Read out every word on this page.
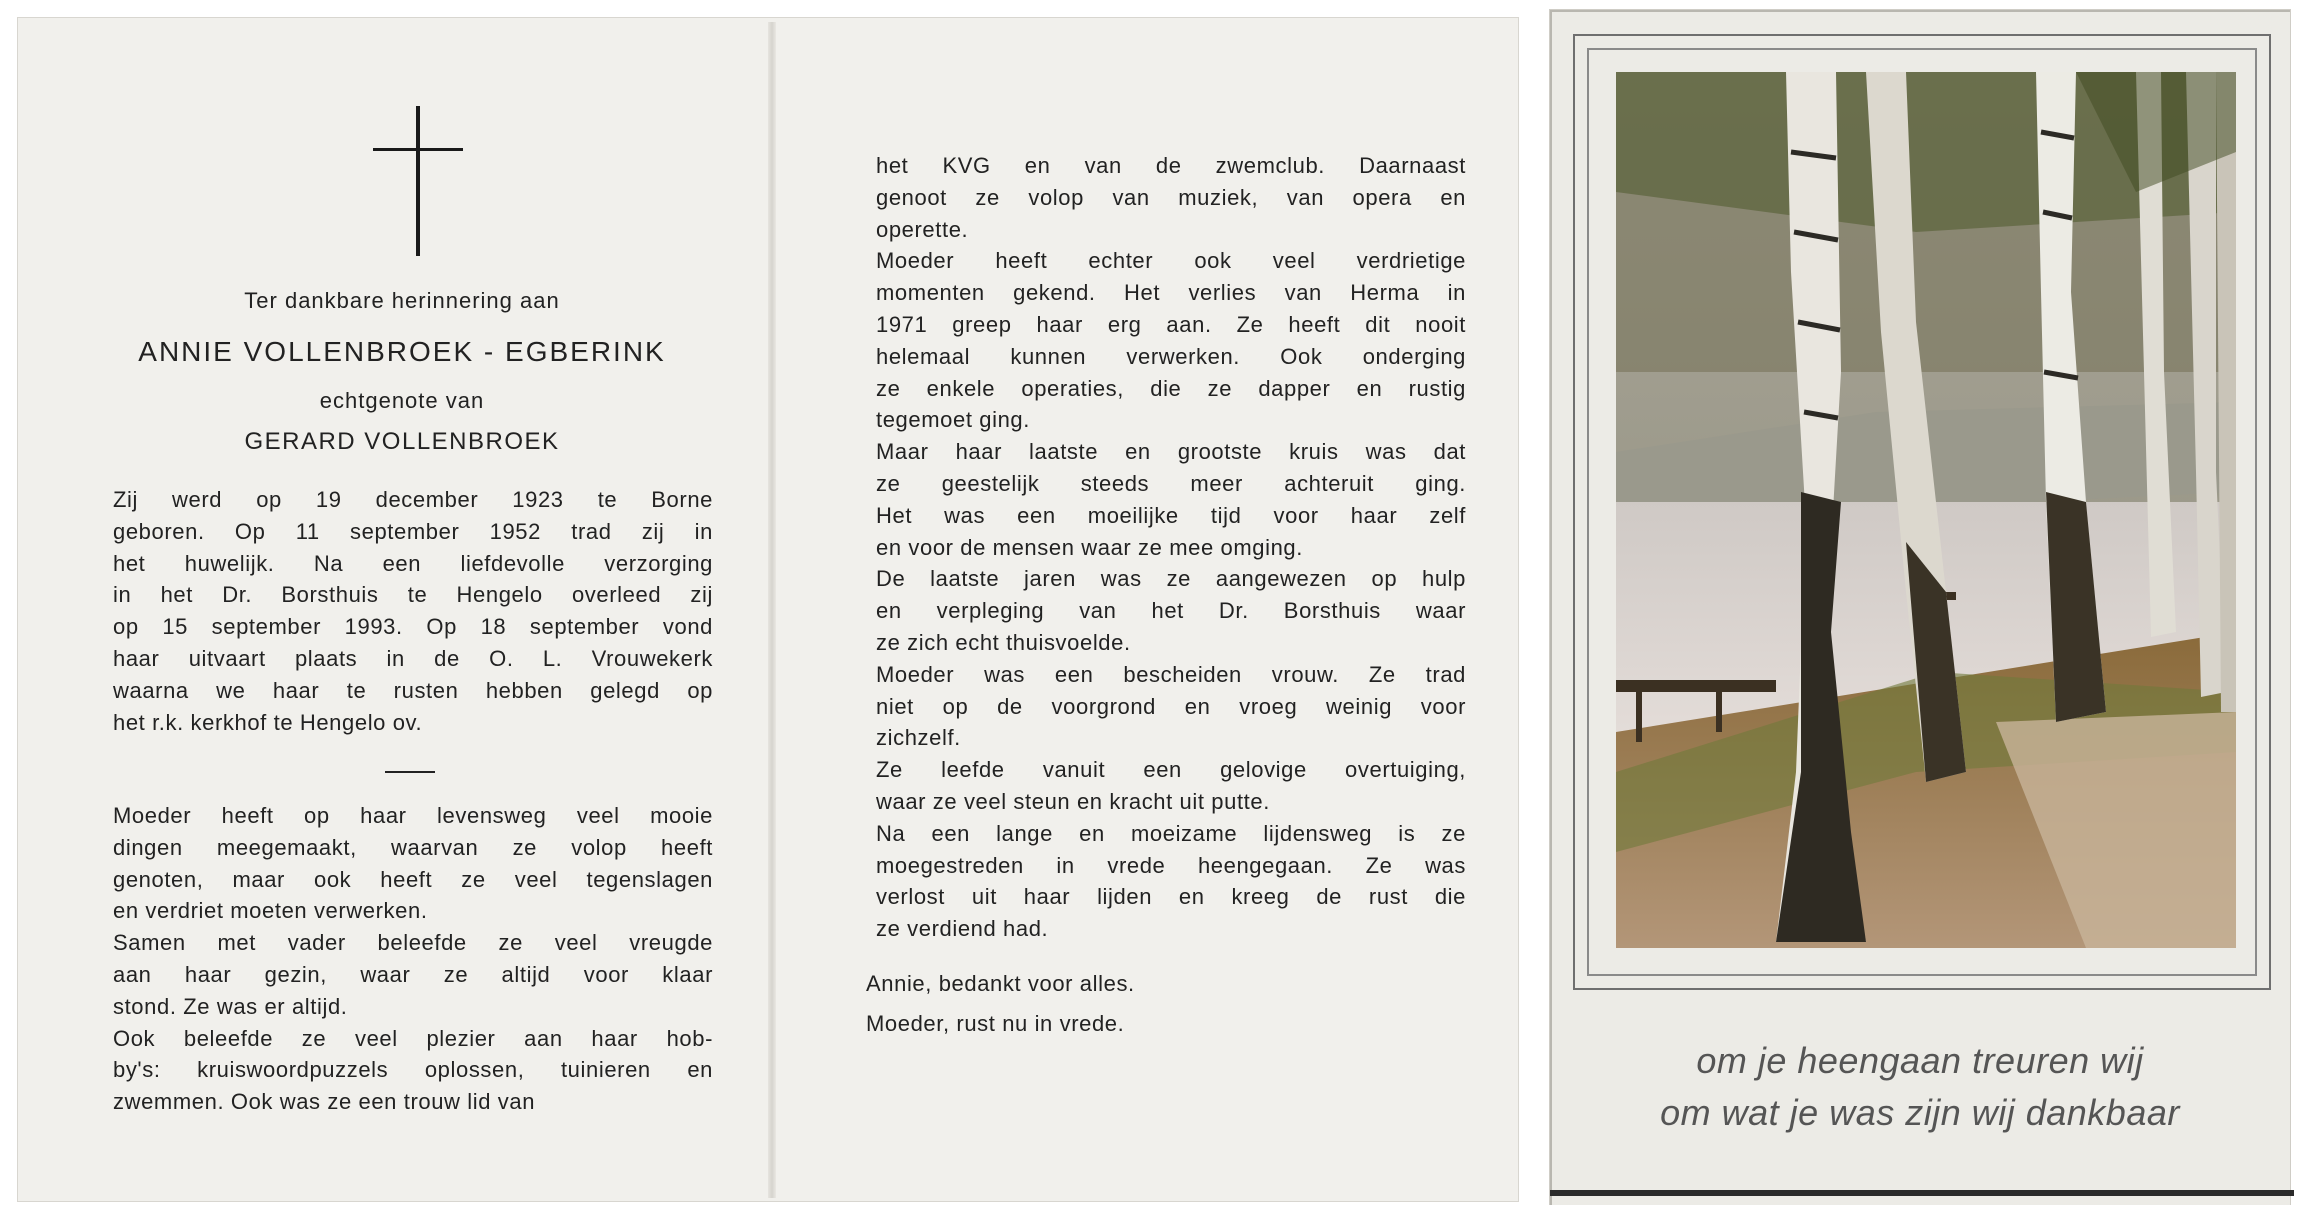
Ter dankbare herinnering aan
ANNIE VOLLENBROEK - EGBERINK
echtgenote van
GERARD VOLLENBROEK
Zij werd op 19 december 1923 te Borne
geboren. Op 11 september 1952 trad zij in
het huwelijk. Na een liefdevolle verzorging
in het Dr. Borsthuis te Hengelo overleed zij
op 15 september 1993. Op 18 september vond
haar uitvaart plaats in de O. L. Vrouwekerk
waarna we haar te rusten hebben gelegd op
het r.k. kerkhof te Hengelo ov.
Moeder heeft op haar levensweg veel mooie
dingen meegemaakt, waarvan ze volop heeft
genoten, maar ook heeft ze veel tegenslagen
en verdriet moeten verwerken.
Samen met vader beleefde ze veel vreugde
aan haar gezin, waar ze altijd voor klaar
stond. Ze was er altijd.
Ook beleefde ze veel plezier aan haar hob-
by's: kruiswoordpuzzels oplossen, tuinieren en
zwemmen. Ook was ze een trouw lid van
het KVG en van de zwemclub. Daarnaast
genoot ze volop van muziek, van opera en
operette.
Moeder heeft echter ook veel verdrietige
momenten gekend. Het verlies van Herma in
1971 greep haar erg aan. Ze heeft dit nooit
helemaal kunnen verwerken. Ook onderging
ze enkele operaties, die ze dapper en rustig
tegemoet ging.
Maar haar laatste en grootste kruis was dat
ze geestelijk steeds meer achteruit ging.
Het was een moeilijke tijd voor haar zelf
en voor de mensen waar ze mee omging.
De laatste jaren was ze aangewezen op hulp
en verpleging van het Dr. Borsthuis waar
ze zich echt thuisvoelde.
Moeder was een bescheiden vrouw. Ze trad
niet op de voorgrond en vroeg weinig voor
zichzelf.
Ze leefde vanuit een gelovige overtuiging,
waar ze veel steun en kracht uit putte.
Na een lange en moeizame lijdensweg is ze
moegestreden in vrede heengegaan. Ze was
verlost uit haar lijden en kreeg de rust die
ze verdiend had.
Annie, bedankt voor alles.
Moeder, rust nu in vrede.
om je heengaan treuren wij
om wat je was zijn wij dankbaar
